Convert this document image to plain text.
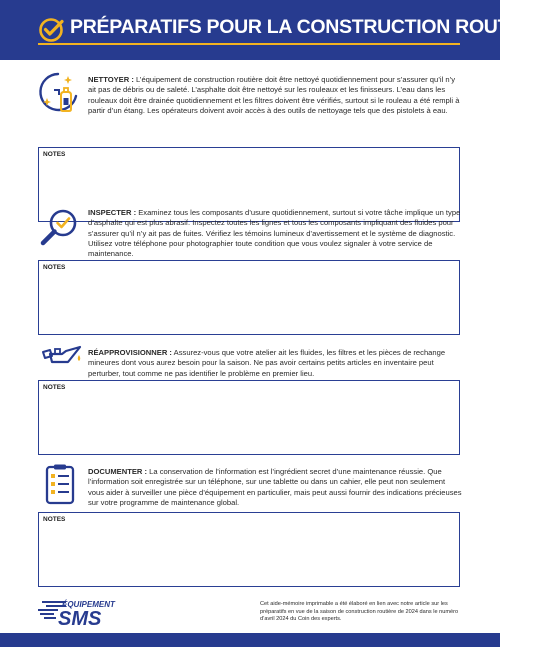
PRÉPARATIFS POUR LA CONSTRUCTION ROUTIÈRE
NETTOYER : L’équipement de construction routière doit être nettoyé quotidiennement pour s’assurer qu’il n’y ait pas de débris ou de saleté. L’asphalte doit être nettoyé sur les rouleaux et les finisseurs. L’eau dans les rouleaux doit être drainée quotidiennement et les filtres doivent être vérifiés, surtout si le rouleau a été rempli à partir d’un étang. Les opérateurs doivent avoir accès à des outils de nettoyage tels que des pistolets à eau.
NOTES
INSPECTER : Examinez tous les composants d’usure quotidiennement, surtout si votre tâche implique un type d’asphalte qui est plus abrasif. Inspectez toutes les lignes et tous les composants impliquant des fluides pour s’assurer qu’il n’y ait pas de fuites. Vérifiez les témoins lumineux d’avertissement et le système de diagnostic. Utilisez votre téléphone pour photographier toute condition que vous voulez signaler à votre service de maintenance.
NOTES
RÉAPPROVISIONNER : Assurez-vous que votre atelier ait les fluides, les filtres et les pièces de rechange mineures dont vous aurez besoin pour la saison. Ne pas avoir certains petits articles en inventaire peut perturber, tout comme ne pas identifier le problème en premier lieu.
NOTES
DOCUMENTER : La conservation de l’information est l’ingrédient secret d’une maintenance réussie. Que l’information soit enregistrée sur un téléphone, sur une tablette ou dans un cahier, elle peut non seulement vous aider à surveiller une pièce d’équipement en particulier, mais peut aussi fournir des indications précieuses sur votre programme de maintenance global.
NOTES
ÉQUIPEMENT
SMS
Cet aide-mémoire imprimable a été élaboré en lien avec notre article sur les préparatifs en vue de la saison de construction routière de 2024 dans le numéro d’avril 2024 du Coin des experts.
